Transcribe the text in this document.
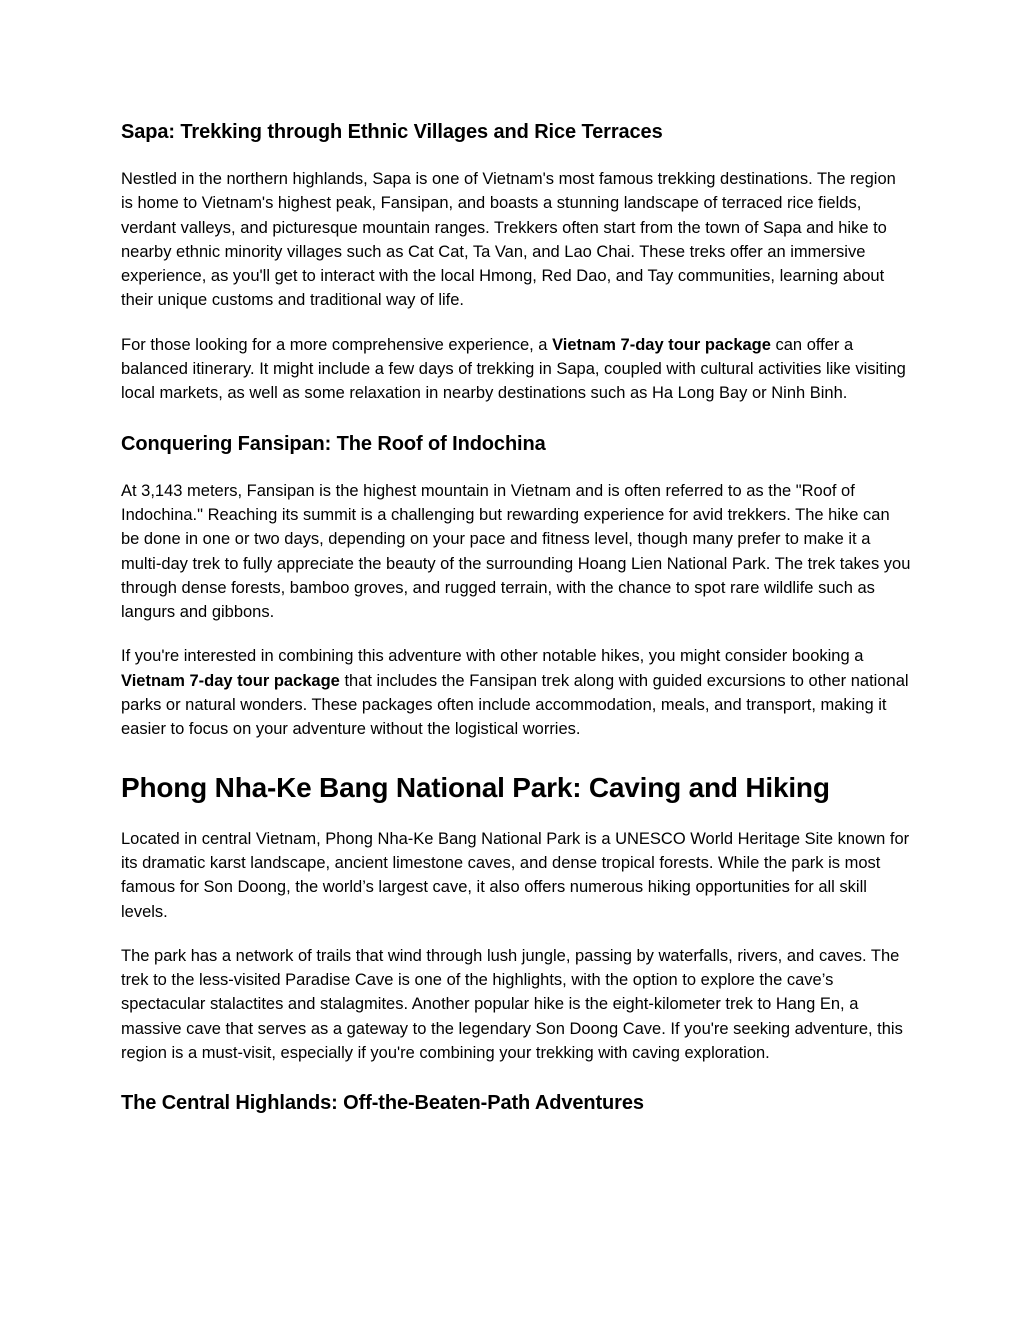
Sapa: Trekking through Ethnic Villages and Rice Terraces

Nestled in the northern highlands, Sapa is one of Vietnam's most famous trekking destinations. The region is home to Vietnam's highest peak, Fansipan, and boasts a stunning landscape of terraced rice fields, verdant valleys, and picturesque mountain ranges. Trekkers often start from the town of Sapa and hike to nearby ethnic minority villages such as Cat Cat, Ta Van, and Lao Chai. These treks offer an immersive experience, as you'll get to interact with the local Hmong, Red Dao, and Tay communities, learning about their unique customs and traditional way of life.

For those looking for a more comprehensive experience, a Vietnam 7-day tour package can offer a balanced itinerary. It might include a few days of trekking in Sapa, coupled with cultural activities like visiting local markets, as well as some relaxation in nearby destinations such as Ha Long Bay or Ninh Binh.

Conquering Fansipan: The Roof of Indochina

At 3,143 meters, Fansipan is the highest mountain in Vietnam and is often referred to as the "Roof of Indochina." Reaching its summit is a challenging but rewarding experience for avid trekkers. The hike can be done in one or two days, depending on your pace and fitness level, though many prefer to make it a multi-day trek to fully appreciate the beauty of the surrounding Hoang Lien National Park. The trek takes you through dense forests, bamboo groves, and rugged terrain, with the chance to spot rare wildlife such as langurs and gibbons.

If you're interested in combining this adventure with other notable hikes, you might consider booking a Vietnam 7-day tour package that includes the Fansipan trek along with guided excursions to other national parks or natural wonders. These packages often include accommodation, meals, and transport, making it easier to focus on your adventure without the logistical worries.

Phong Nha-Ke Bang National Park: Caving and Hiking

Located in central Vietnam, Phong Nha-Ke Bang National Park is a UNESCO World Heritage Site known for its dramatic karst landscape, ancient limestone caves, and dense tropical forests. While the park is most famous for Son Doong, the world’s largest cave, it also offers numerous hiking opportunities for all skill levels.

The park has a network of trails that wind through lush jungle, passing by waterfalls, rivers, and caves. The trek to the less-visited Paradise Cave is one of the highlights, with the option to explore the cave’s spectacular stalactites and stalagmites. Another popular hike is the eight-kilometer trek to Hang En, a massive cave that serves as a gateway to the legendary Son Doong Cave. If you're seeking adventure, this region is a must-visit, especially if you're combining your trekking with caving exploration.

The Central Highlands: Off-the-Beaten-Path Adventures
